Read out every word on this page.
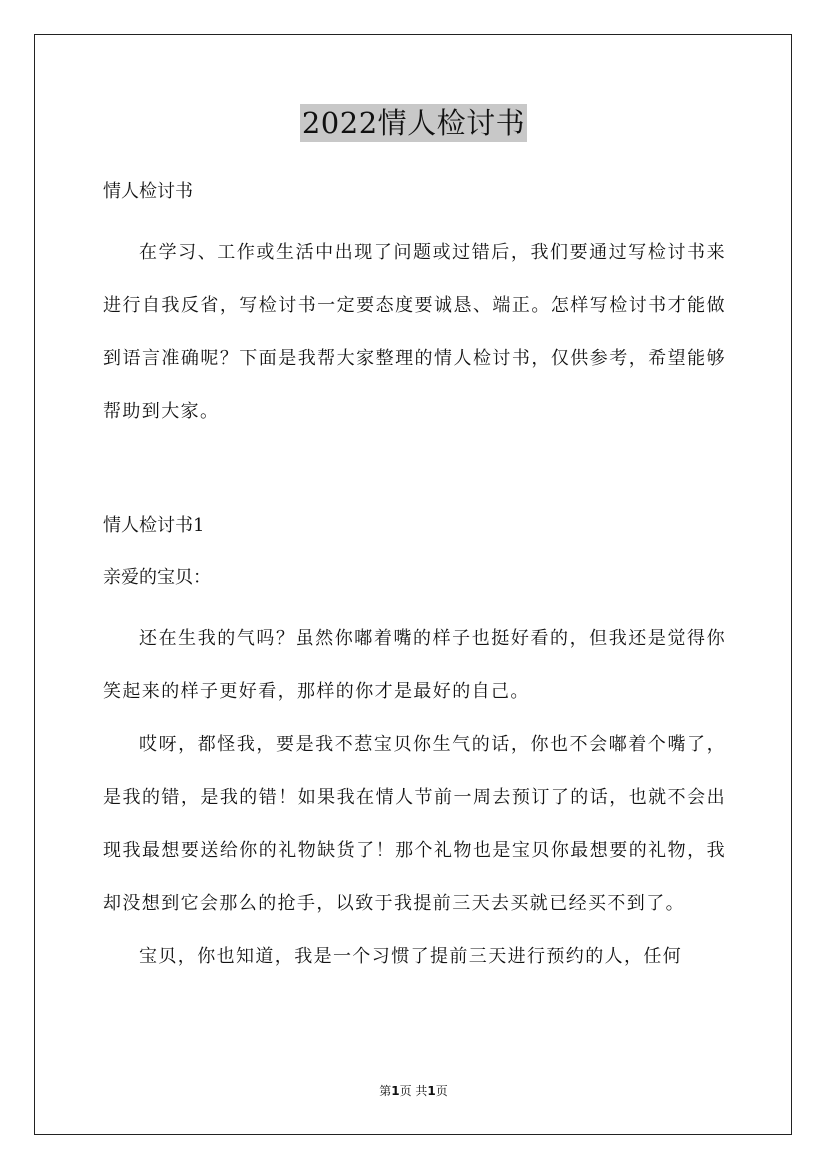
2022情人检讨书

情人检讨书

在学习、工作或生活中出现了问题或过错后，我们要通过写检讨书来进行自我反省，写检讨书一定要态度要诚恳、端正。怎样写检讨书才能做到语言准确呢？下面是我帮大家整理的情人检讨书，仅供参考，希望能够帮助到大家。

情人检讨书1

亲爱的宝贝：

还在生我的气吗？虽然你嘟着嘴的样子也挺好看的，但我还是觉得你笑起来的样子更好看，那样的你才是最好的自己。

哎呀，都怪我，要是我不惹宝贝你生气的话，你也不会嘟着个嘴了，是我的错，是我的错！如果我在情人节前一周去预订了的话，也就不会出现我最想要送给你的礼物缺货了！那个礼物也是宝贝你最想要的礼物，我却没想到它会那么的抢手，以致于我提前三天去买就已经买不到了。

宝贝，你也知道，我是一个习惯了提前三天进行预约的人，任何

第1页 共1页
